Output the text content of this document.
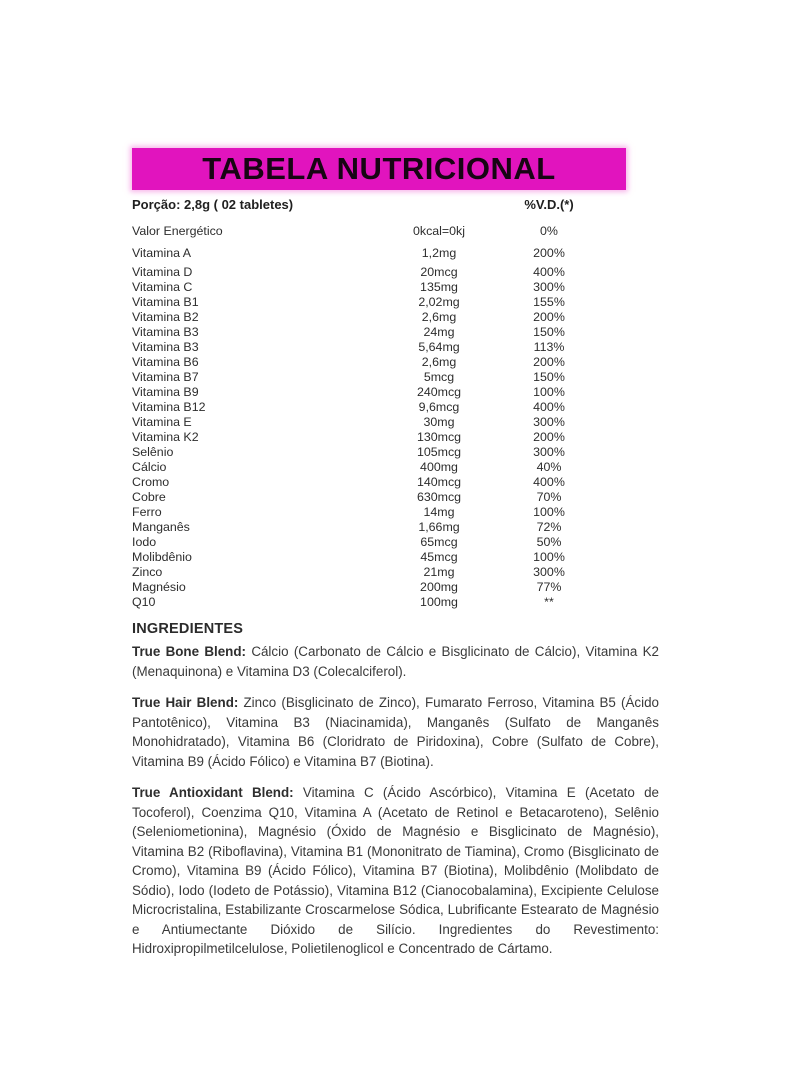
TABELA NUTRICIONAL
Porção: 2,8g ( 02 tabletes)	%V.D.(*)
Valor Energético	0kcal=0kj	0%
Vitamina A	1,2mg	200%
Vitamina D	20mcg	400%
Vitamina C	135mg	300%
Vitamina B1	2,02mg	155%
Vitamina B2	2,6mg	200%
Vitamina B3	24mg	150%
Vitamina B3	5,64mg	113%
Vitamina B6	2,6mg	200%
Vitamina B7	5mcg	150%
Vitamina B9	240mcg	100%
Vitamina B12	9,6mcg	400%
Vitamina E	30mg	300%
Vitamina K2	130mcg	200%
Selênio	105mcg	300%
Cálcio	400mg	40%
Cromo	140mcg	400%
Cobre	630mcg	70%
Ferro	14mg	100%
Manganês	1,66mg	72%
Iodo	65mcg	50%
Molibdênio	45mcg	100%
Zinco	21mg	300%
Magnésio	200mg	77%
Q10	100mg	**
INGREDIENTES

True Bone Blend: Cálcio (Carbonato de Cálcio e Bisglicinato de Cálcio), Vitamina K2 (Menaquinona) e Vitamina D3 (Colecalciferol).

True Hair Blend: Zinco (Bisglicinato de Zinco), Fumarato Ferroso, Vitamina B5 (Ácido Pantotênico), Vitamina B3 (Niacinamida), Manganês (Sulfato de Manganês Monohidratado), Vitamina B6 (Cloridrato de Piridoxina), Cobre (Sulfato de Cobre), Vitamina B9 (Ácido Fólico) e Vitamina B7 (Biotina).

True Antioxidant Blend: Vitamina C (Ácido Ascórbico), Vitamina E (Acetato de Tocoferol), Coenzima Q10, Vitamina A (Acetato de Retinol e Betacaroteno), Selênio (Seleniometionina), Magnésio (Óxido de Magnésio e Bisglicinato de Magnésio), Vitamina B2 (Riboflavina), Vitamina B1 (Mononitrato de Tiamina), Cromo (Bisglicinato de Cromo), Vitamina B9 (Ácido Fólico), Vitamina B7 (Biotina), Molibdênio (Molibdato de Sódio), Iodo (Iodeto de Potássio), Vitamina B12 (Cianocobalamina), Excipiente Celulose Microcristalina, Estabilizante Croscarmelose Sódica, Lubrificante Estearato de Magnésio e Antiumectante Dióxido de Silício. Ingredientes do Revestimento: Hidroxipropilmetilcelulose, Polietilenoglicol e Concentrado de Cártamo.
